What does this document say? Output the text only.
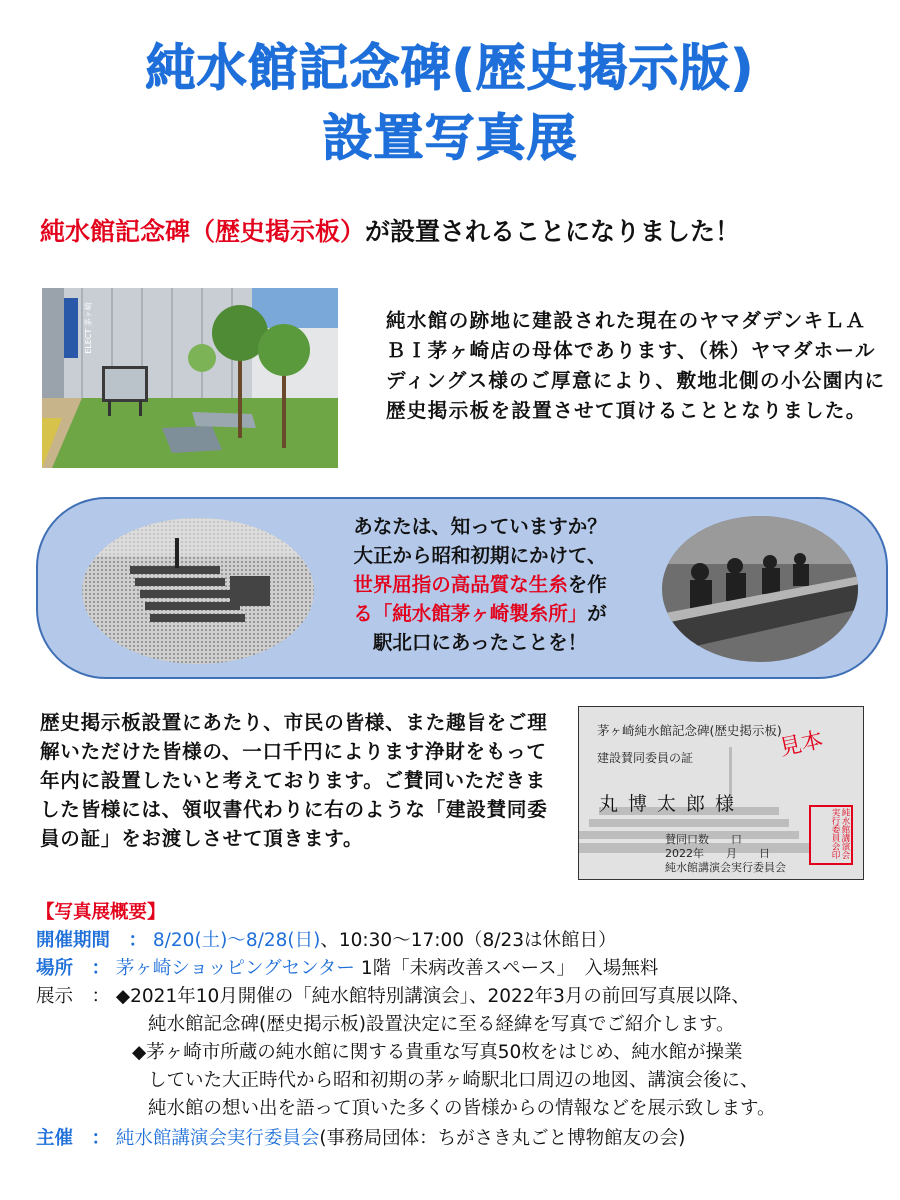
純水館記念碑(歴史掲示版)
設置写真展
純水館記念碑（歴史掲示板）が設置されることになりました！
ELECT 茅ヶ崎	純水館の跡地に建設された現在のヤマダデンキＬＡＢＩ茅ヶ崎店の母体であります、（株）ヤマダホールディングス様のご厚意により、敷地北側の小公園内に歴史掲示板を設置させて頂けることとなりました。
あなたは、知っていますか？
大正から昭和初期にかけて、
世界屈指の高品質な生糸を作
る「純水館茅ヶ崎製糸所」が
駅北口にあったことを！
歴史掲示板設置にあたり、市民の皆様、また趣旨をご理解いただけた皆様の、一口千円によります浄財をもって年内に設置したいと考えております。ご賛同いただきました皆様には、領収書代わりに右のような「建設賛同委員の証」をお渡しさせて頂きます。
茅ヶ崎純水館記念碑(歴史掲示板)
建設賛同委員の証	見本
丸博太郎様
賛同口数　　口
2022年　　月　　日
純水館講演会実行委員会
純水館講演会実行委員会印
【写真展概要】
開催期間　： 8/20(土)〜8/28(日)、10:30〜17:00（8/23は休館日）
場所　： 茅ヶ崎ショッピングセンター 1階「未病改善スペース」　入場無料
展示　： ◆2021年10月開催の「純水館特別講演会」、2022年3月の前回写真展以降、
純水館記念碑(歴史掲示板)設置決定に至る経緯を写真でご紹介します。
◆茅ヶ崎市所蔵の純水館に関する貴重な写真50枚をはじめ、純水館が操業
していた大正時代から昭和初期の茅ヶ崎駅北口周辺の地図、講演会後に、
純水館の想い出を語って頂いた多くの皆様からの情報などを展示致します。
主催　： 純水館講演会実行委員会(事務局団体：ちがさき丸ごと博物館友の会)
